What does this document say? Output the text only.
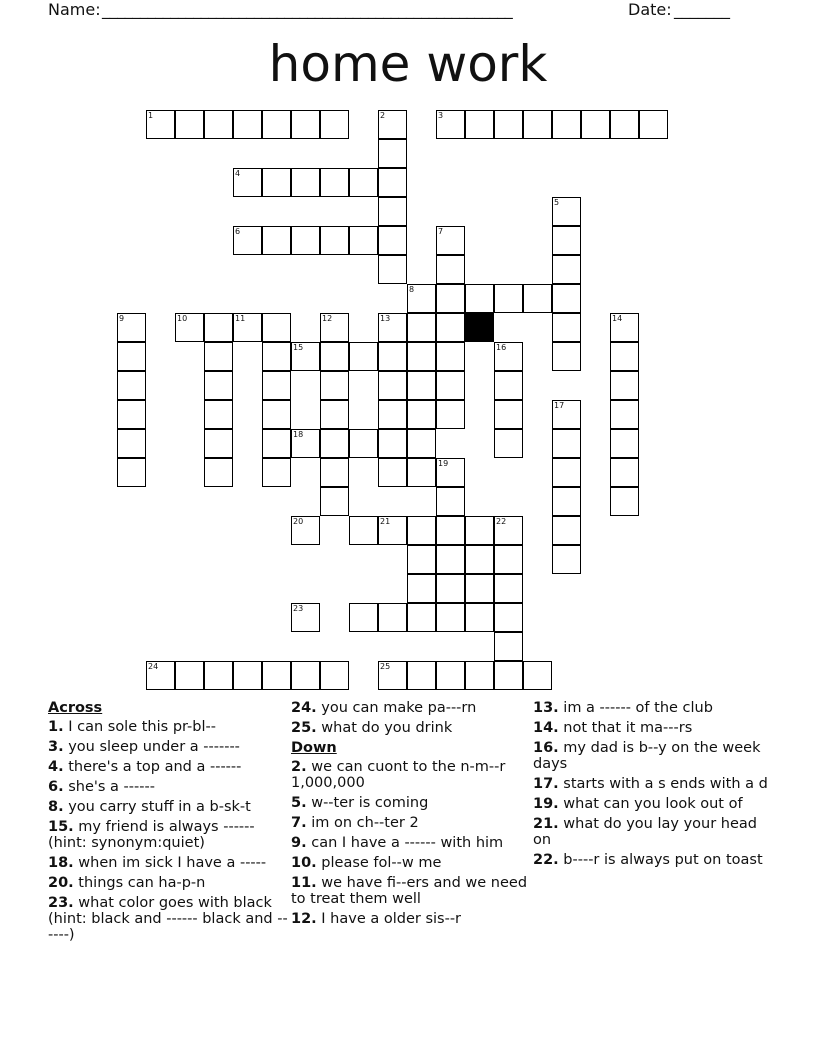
Name: ______________________________________________________	Date: _______
home work
1	2	3
4
5
6	7
12	13	14
16
17
19
21	22
24
9
8
10	11
15
18
20
23
25
Across
1. I can sole this pr-bl--
3. you sleep under a -------
4. there's a top and a ------
6. she's a ------
8. you carry stuff in a b-sk-t
15. my friend is always ------ (hint: synonym:quiet)
18. when im sick I have a -----
20. things can ha-p-n
23. what color goes with black (hint: black and ------ black and ------)
24. you can make pa---rn
25. what do you drink
Down
2. we can cuont to the n-m--r 1,000,000
5. w--ter is coming
7. im on ch--ter 2
9. can I have a ------ with him
10. please fol--w me
11. we have fi--ers and we need to treat them well
12. I have a older sis--r
13. im a ------ of the club
14. not that it ma---rs
16. my dad is b--y on the week days
17. starts with a s ends with a d
19. what can you look out of
21. what do you lay your head on
22. b----r is always put on toast
